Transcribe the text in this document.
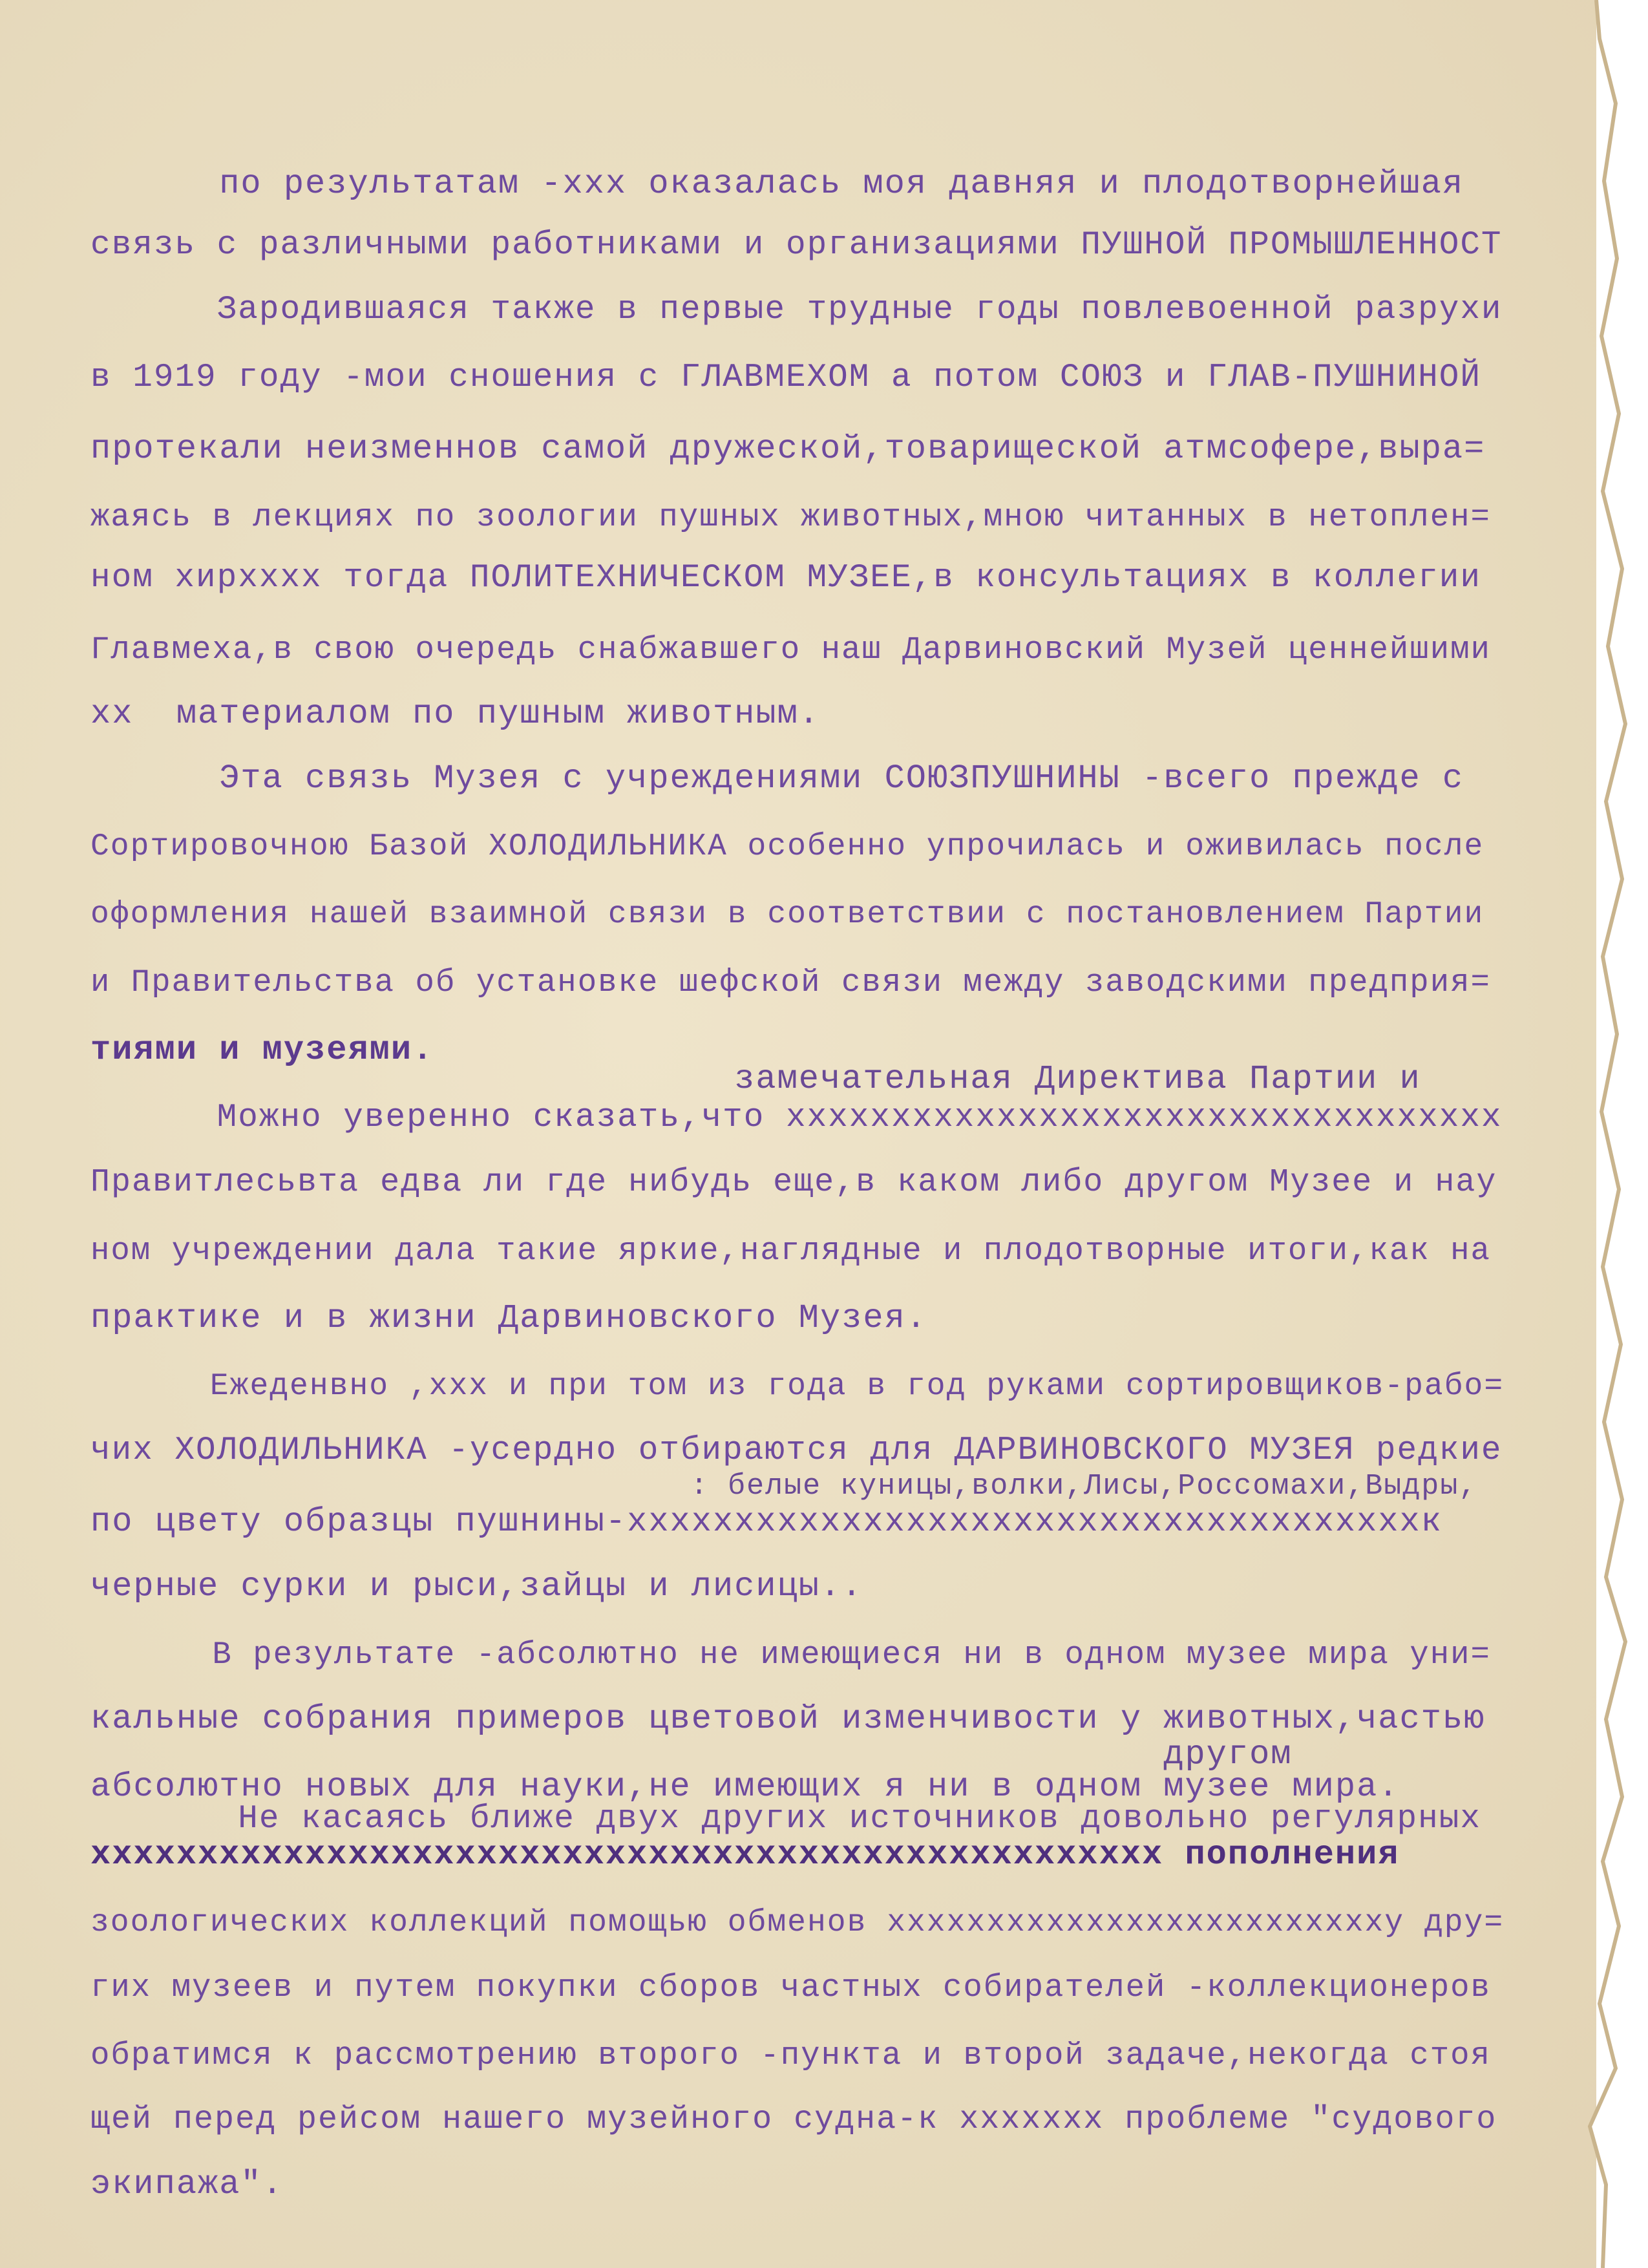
по результатам -xxx оказалась моя давняя и плодотворнейшая
связь с различными работниками и организациями ПУШНОЙ ПРОМЫШЛЕННОСТ
Зародившаяся также в первые трудные годы повлевоенной разрухи
в 1919 году -мои сношения с ГЛАВМЕХОМ а потом СОЮЗ и ГЛАВ-ПУШНИНОЙ
протекали неизменнов самой дружеской,товарищеской атмсофере,выра=
жаясь в лекциях по зоологии пушных животных,мною читанных в нетоплен=
ном хирxxxх тогда ПОЛИТЕХНИЧЕСКОМ МУЗЕЕ,в консультациях в коллегии
Главмеха,в свою очередь снабжавшего наш Дарвиновский Музей ценнейшими
xx  материалом по пушным животным.
Эта связь Музея с учреждениями СОЮЗПУШНИНЫ -всего прежде с
Сортировочною Базой ХОЛОДИЛЬНИКА особенно упрочилась и оживилась после
оформления нашей взаимной связи в соответствии с постановлением Партии
и Правительства об установке шефской связи между заводскими предприя=
тиями и музеями.
замечательная Директива Партии и
Можно уверенно сказать,что xxxxxxxxxxxxxxxxxxxxxxxxxxxxxxxxxx
Правитлесьвта едва ли где нибудь еще,в каком либо другом Музее и нау
ном учреждении дала такие яркие,наглядные и плодотворные итоги,как на
практике и в жизни Дарвиновского Музея.
Ежеденвно ,xxx и при том из года в год руками сортировщиков-рабо=
чих ХОЛОДИЛЬНИКА -усердно отбираются для ДАРВИНОВСКОГО МУЗЕЯ редкие
: белые куницы,волки,Лисы,Россомахи,Выдры,
по цвету образцы пушнины-xxxxxxxxxxxxxxxxxxxxxxxxxxxxxxxxxxxxxк
черные сурки и рыси,зайцы и лисицы..
В результате -абсолютно не имеющиеся ни в одном музее мира уни=
кальные собрания примеров цветовой изменчивости у животных,частью
другом
абсолютно новых для науки,не имеющих я ни в одном музее мира.
Не касаясь ближе двух других источников довольно регулярных
xxxxxxxxxxxxxxxxxxxxxxxxxxxxxxxxxxxxxxxxxxxxxxxxxx пополнения
зоологических коллекций помощью обменов xxxxxxxxxxxxxxxxxxxxxxxxxу дру=
гих музеев и путем покупки сборов частных собирателей -коллекционеров
обратимся к рассмотрению второго -пункта и второй задаче,некогда стоя
щей перед рейсом нашего музейного судна-к xxxxxxx проблеме "судового
экипажа".
